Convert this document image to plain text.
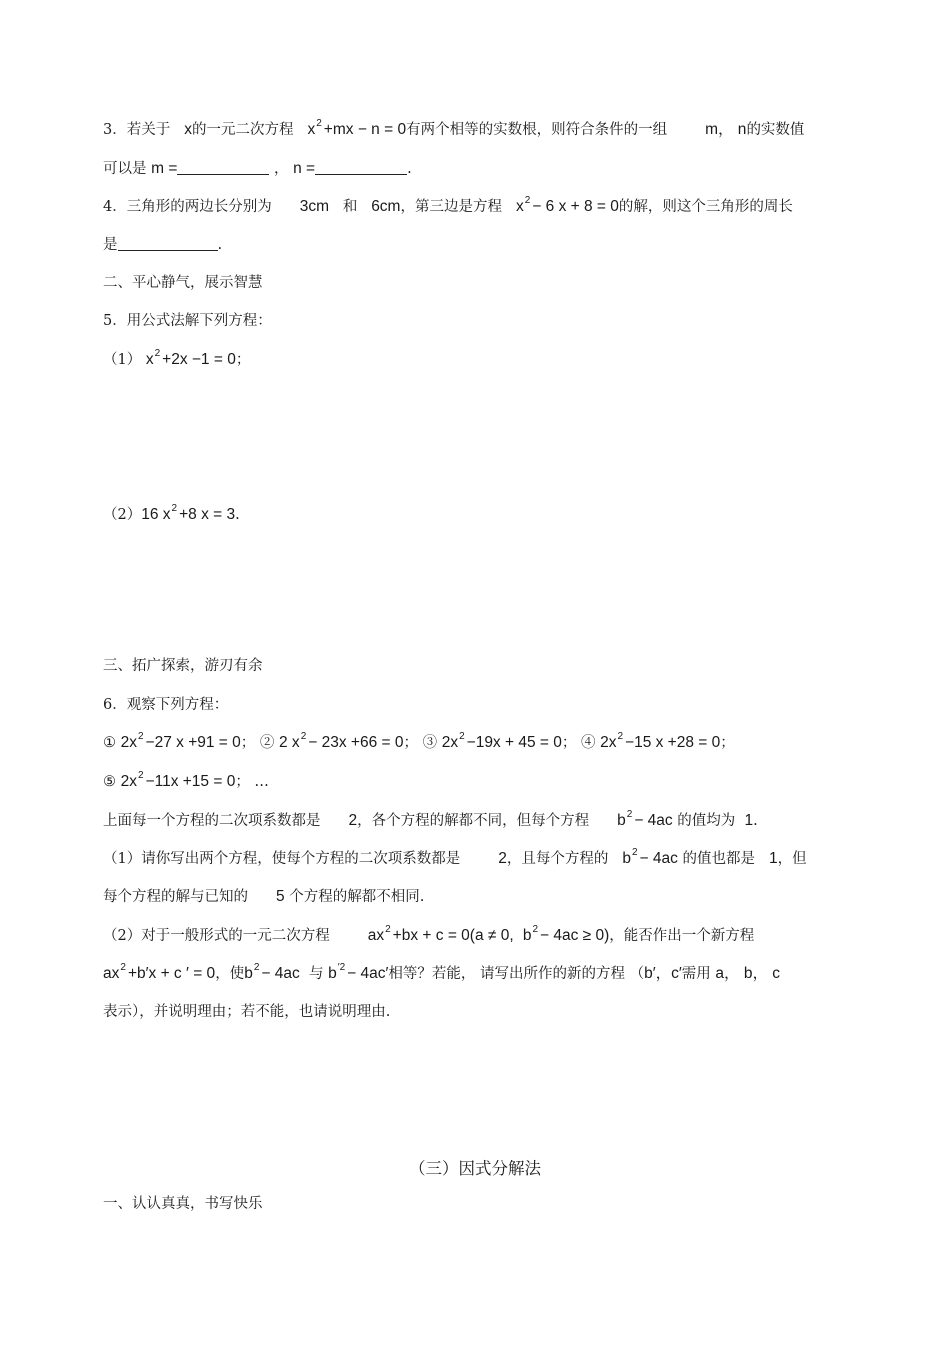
3．若关于 x的一元二次方程 $x^2 +mx - n = 0$有两个相等的实数根，则符合条件的一组 m， n的实数值
可以是 m =	， n =	.
4．三角形的两边长分别为 3cm 和 6cm，第三边是方程 $x^2 - 6$ x + 8 = 0的解，则这个三角形的周长
是	.
二、平心静气，展示智慧
5．用公式法解下列方程：
（1） $x^2 +2x -1 = 0$；
（2）16 $x^2 +8$ x = 3.
三、拓广探索，游刃有余
6．观察下列方程：
① $2x^2 -27$ x +91 = 0； ② 2 $x^2 - 23x +66 = 0$； ③ $2x^2 -19x + 45 = 0$； ④ $2x^2 -15$ x +28 = 0；
⑤ $2x^2 -11x +15 = 0$； …
上面每一个方程的二次项系数都是 2，各个方程的解都不同，但每个方程 $b^2 - 4ac$ 的值均为 1.
（1）请你写出两个方程，使每个方程的二次项系数都是 2，且每个方程的 $b^2 - 4ac$ 的值也都是 1，但
每个方程的解与已知的 5 个方程的解都不相同.
（2）对于一般形式的一元二次方程 $ax^2 +bx + c = 0(a \ne 0$, $b^2 - 4ac \ge 0$)，能否作出一个新方程
$ax^2 +b'x + c$ ′ = 0，使$b^2 - 4ac$ 与 $b^{'2} - 4ac'$相等？若能， 请写出所作的新的方程 （b′，c′需用 a， b， c
表示），并说明理由；若不能，也请说明理由.
（三）因式分解法
一、认认真真，书写快乐
